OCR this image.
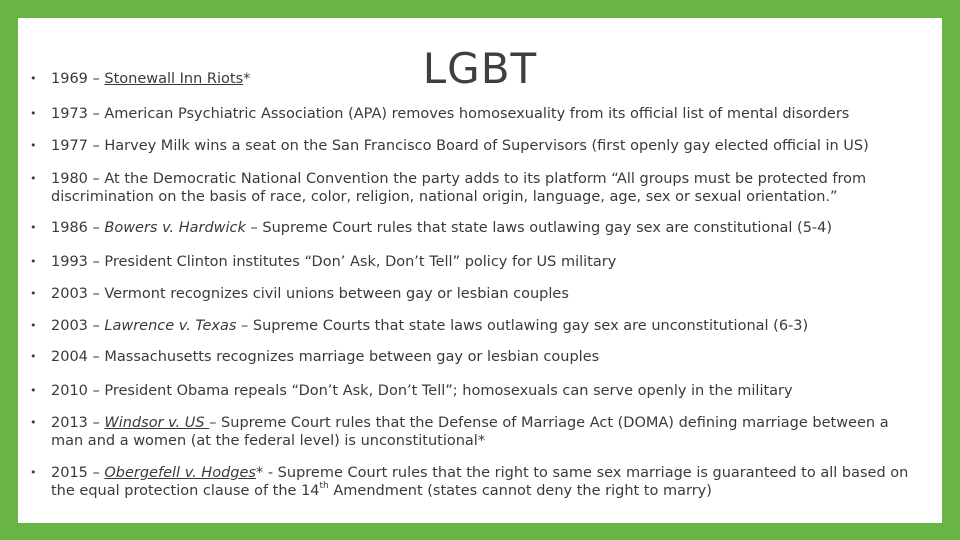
LGBT
• 1969 – Stonewall Inn Riots*
• 1973 – American Psychiatric Association (APA) removes homosexuality from its official list of mental disorders
• 1977 – Harvey Milk wins a seat on the San Francisco Board of Supervisors (first openly gay elected official in US)
• 1980 – At the Democratic National Convention the party adds to its platform “All groups must be protected from discrimination on the basis of race, color, religion, national origin, language, age, sex or sexual orientation.”
• 1986 – Bowers v. Hardwick – Supreme Court rules that state laws outlawing gay sex are constitutional (5-4)
• 1993 – President Clinton institutes “Don’ Ask, Don’t Tell” policy for US military
• 2003 – Vermont recognizes civil unions between gay or lesbian couples
• 2003 – Lawrence v. Texas – Supreme Courts that state laws outlawing gay sex are unconstitutional (6-3)
• 2004 – Massachusetts recognizes marriage between gay or lesbian couples
• 2010 – President Obama repeals “Don’t Ask, Don’t Tell”; homosexuals can serve openly in the military
• 2013 – Windsor v. US – Supreme Court rules that the Defense of Marriage Act (DOMA) defining marriage between a man and a women (at the federal level) is unconstitutional*
• 2015 – Obergefell v. Hodges* - Supreme Court rules that the right to same sex marriage is guaranteed to all based on the equal protection clause of the 14th Amendment (states cannot deny the right to marry)
